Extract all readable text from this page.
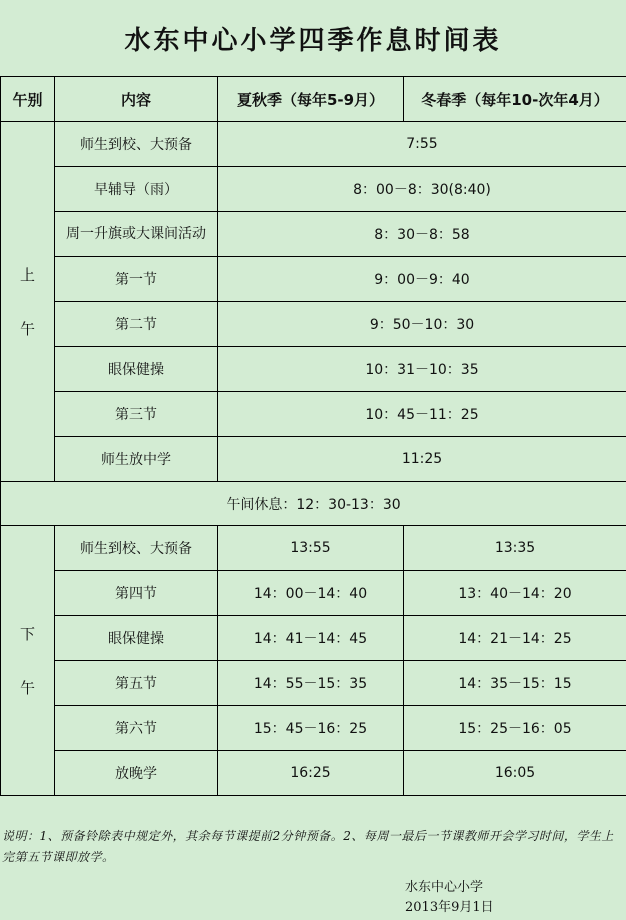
水东中心小学四季作息时间表
午别	内容	夏秋季（每年5-9月）	冬春季（每年10-次年4月）

上
午	师生到校、大预备	7:55	
	早辅导（雨）	8：00－8：30(8:40)	
	周一升旗或大课间活动	8：30－8：58	
	第一节	9：00－9：40	
	第二节	9：50－10：30	
	眼保健操	10：31－10：35	
	第三节	10：45－11：25	
	师生放中学	11:25	
午间休息：12：30-13：30			

下
午	师生到校、大预备	13:55	13:35
	第四节	14：00－14：40	13：40－14：20
	眼保健操	14：41－14：45	14：21－14：25
	第五节	14：55－15：35	14：35－15：15
	第六节	15：45－16：25	15：25－16：05
	放晚学	16:25	16:05
说明：1、预备铃除表中规定外，其余每节课提前2分钟预备。2、每周一最后一节课教师开会学习时间，学生上完第五节课即放学。
水东中心小学
2013年9月1日
